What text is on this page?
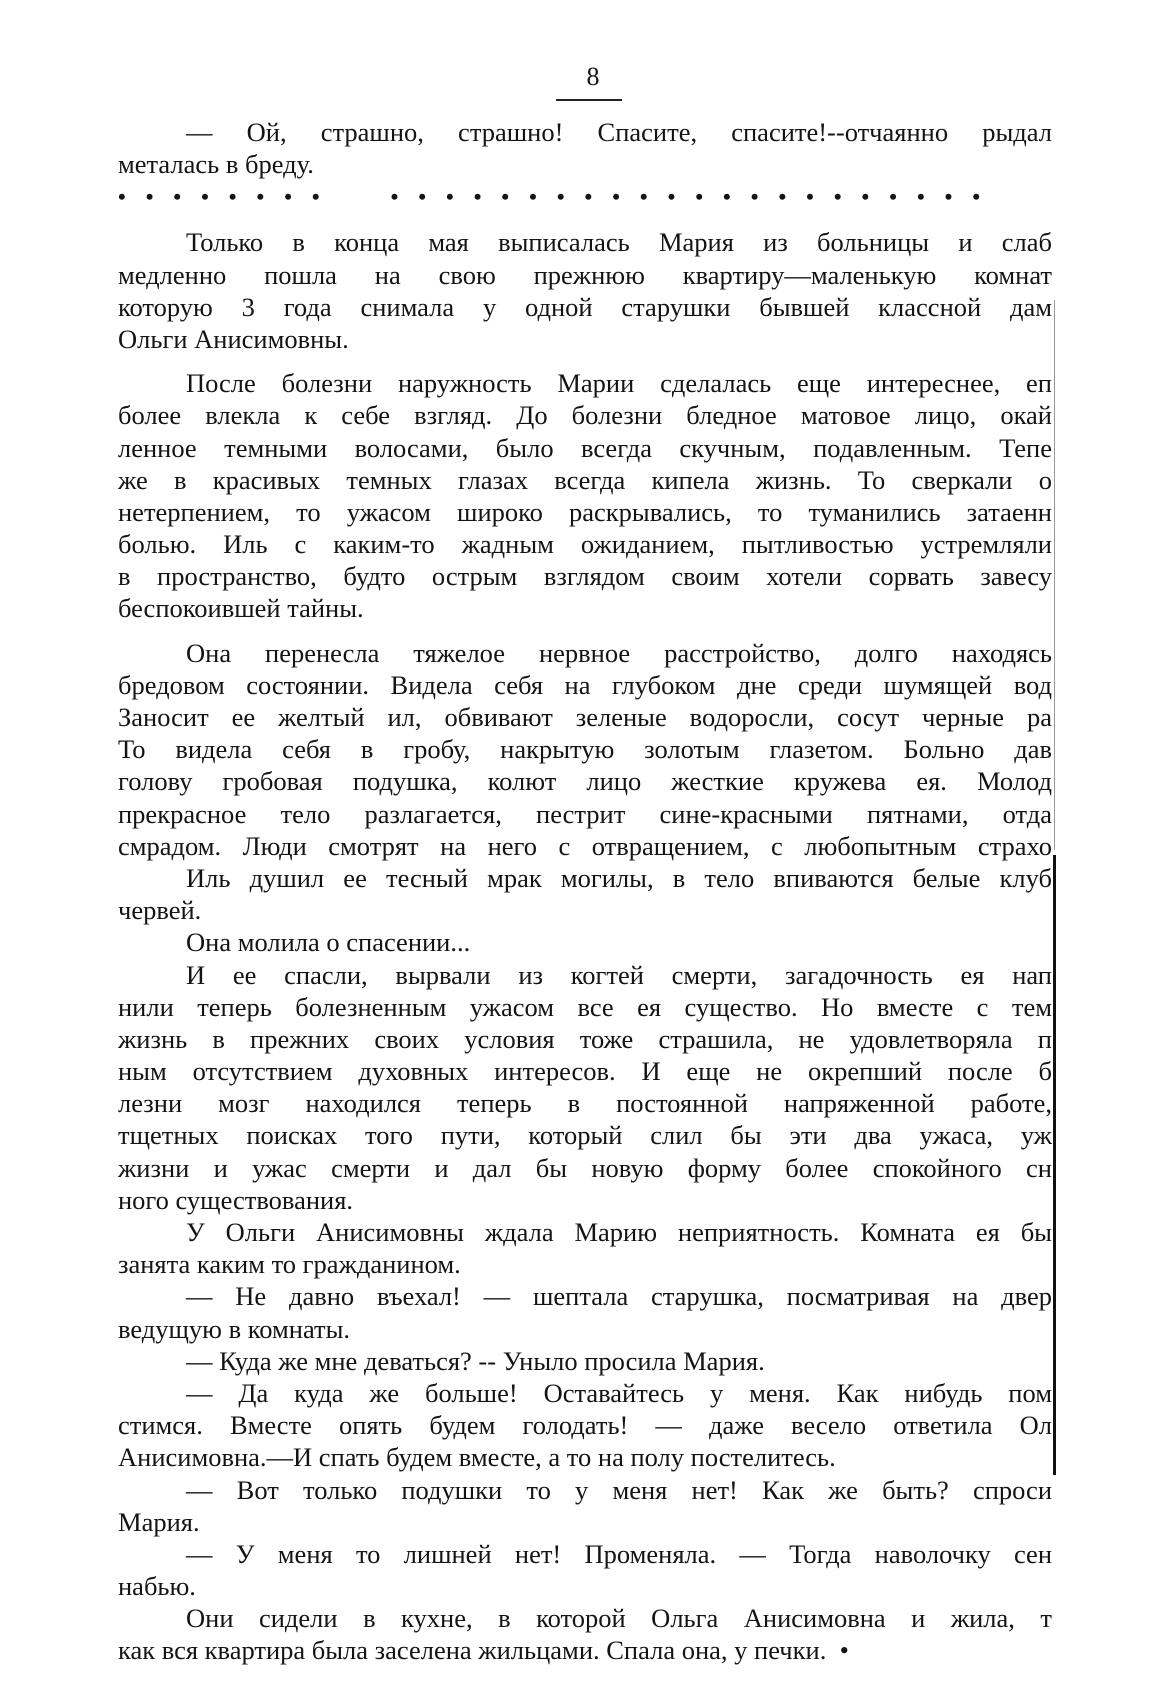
8
— Ой, страшно, страшно! Спасите, спасите!--отчаянно рыдал
металась в бреду.
•  •  •  •  •  •  •  •        •  •  •  •  •  •  •  •  •  •  •  •  •  •  •  •  •  •  •  •  •  •
Только в конца мая выписалась Мария из больницы и слаб
медленно пошла на свою прежнюю квартиру—маленькую комнат
которую 3 года снимала у одной старушки бывшей классной дам
Ольги Анисимовны.
После болезни наружность Марии сделалась еще интереснее, еп
более влекла к себе взгляд. До болезни бледное матовое лицо, окай
ленное темными волосами, было всегда скучным, подавленным. Тепе
же в красивых темных глазах всегда кипела жизнь. То сверкали о
нетерпением, то ужасом широко раскрывались, то туманились затаенн
болью. Иль с каким-то жадным ожиданием, пытливостью устремляли
в пространство, будто острым взглядом своим хотели сорвать завесу
беспокоившей тайны.
Она перенесла тяжелое нервное расстройство, долго находясь
бредовом состоянии. Видела себя на глубоком дне среди шумящей вод
Заносит ее желтый ил, обвивают зеленые водоросли, сосут черные ра
То видела себя в гробу, накрытую золотым глазетом. Больно дав
голову гробовая подушка, колют лицо жесткие кружева ея. Молод
прекрасное тело разлагается, пестрит сине-красными пятнами, отда
смрадом. Люди смотрят на него с отвращением, с любопытным страхо
Иль душил ее тесный мрак могилы, в тело впиваются белые клуб
червей.
Она молила о спасении...
И ее спасли, вырвали из когтей смерти, загадочность ея нап
нили теперь болезненным ужасом все ея существо. Но вместе с тем
жизнь в прежних своих условия тоже страшила, не удовлетворяла п
ным отсутствием духовных интересов. И еще не окрепший после б
лезни мозг находился теперь в постоянной напряженной работе,
тщетных поисках того пути, который слил бы эти два ужаса, уж
жизни и ужас смерти и дал бы новую форму более спокойного сн
ного существования.
У Ольги Анисимовны ждала Марию неприятность. Комната ея бы
занята каким то гражданином.
— Не давно въехал! — шептала старушка, посматривая на двер
ведущую в комнаты.
— Куда же мне деваться? -- Уныло просила Мария.
— Да куда же больше! Оставайтесь у меня. Как нибудь пом
стимся. Вместе опять будем голодать! — даже весело ответила Ол
Анисимовна.—И спать будем вместе, а то на полу постелитесь.
— Вот только подушки то у меня нет! Как же быть? спроси
Мария.
— У меня то лишней нет! Променяла. — Тогда наволочку сен
набью.
Они сидели в кухне, в которой Ольга Анисимовна и жила, т
как вся квартира была заселена жильцами. Спала она, у печки.  •
